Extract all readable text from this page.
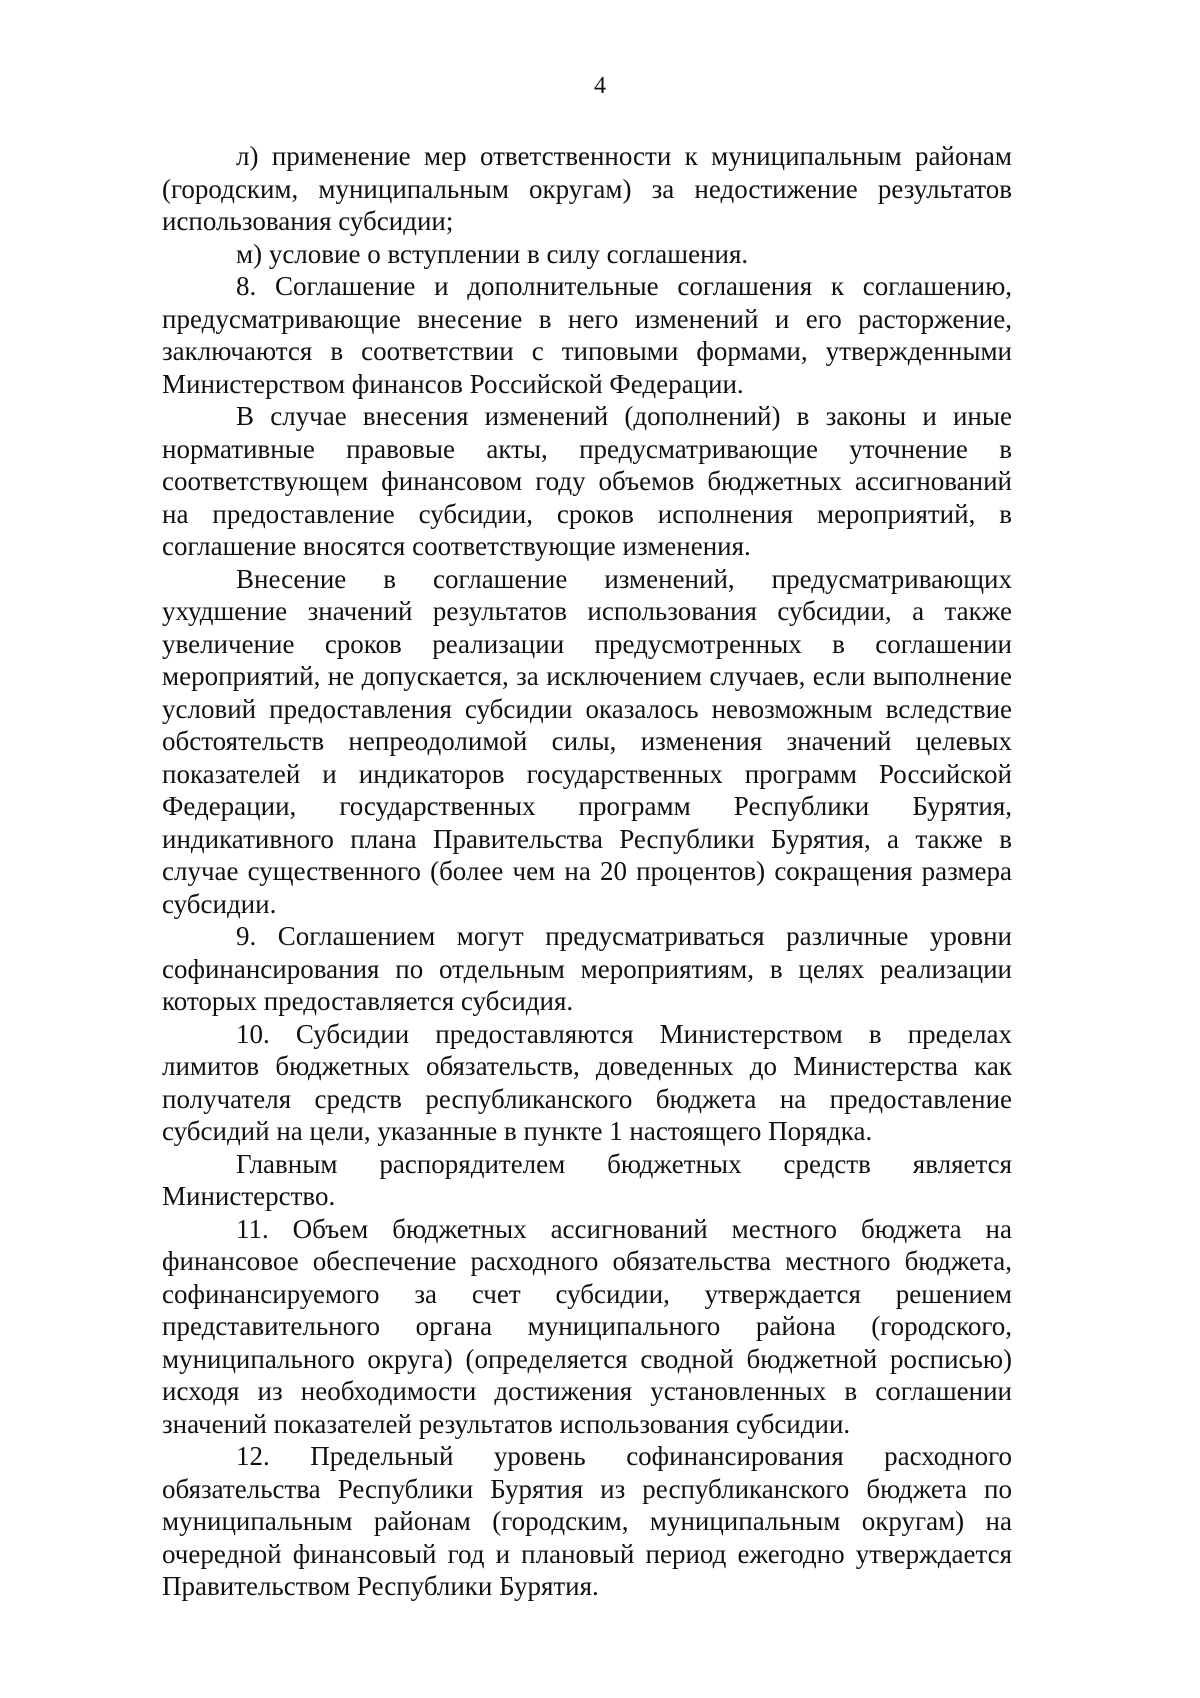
4

л) применение мер ответственности к муниципальным районам (городским, муниципальным округам) за недостижение результатов использования субсидии;

м) условие о вступлении в силу соглашения.

8. Соглашение и дополнительные соглашения к соглашению, предусматривающие внесение в него изменений и его расторжение, заключаются в соответствии с типовыми формами, утвержденными Министерством финансов Российской Федерации.

В случае внесения изменений (дополнений) в законы и иные нормативные правовые акты, предусматривающие уточнение в соответствующем финансовом году объемов бюджетных ассигнований на предоставление субсидии, сроков исполнения мероприятий, в соглашение вносятся соответствующие изменения.

Внесение в соглашение изменений, предусматривающих ухудшение значений результатов использования субсидии, а также увеличение сроков реализации предусмотренных в соглашении мероприятий, не допускается, за исключением случаев, если выполнение условий предоставления субсидии оказалось невозможным вследствие обстоятельств непреодолимой силы, изменения значений целевых показателей и индикаторов государственных программ Российской Федерации, государственных программ Республики Бурятия, индикативного плана Правительства Республики Бурятия, а также в случае существенного (более чем на 20 процентов) сокращения размера субсидии.

9. Соглашением могут предусматриваться различные уровни софинансирования по отдельным мероприятиям, в целях реализации которых предоставляется субсидия.

10. Субсидии предоставляются Министерством в пределах лимитов бюджетных обязательств, доведенных до Министерства как получателя средств республиканского бюджета на предоставление субсидий на цели, указанные в пункте 1 настоящего Порядка.

Главным распорядителем бюджетных средств является Министерство.

11. Объем бюджетных ассигнований местного бюджета на финансовое обеспечение расходного обязательства местного бюджета, софинансируемого за счет субсидии, утверждается решением представительного органа муниципального района (городского, муниципального округа) (определяется сводной бюджетной росписью) исходя из необходимости достижения установленных в соглашении значений показателей результатов использования субсидии.

12. Предельный уровень софинансирования расходного обязательства Республики Бурятия из республиканского бюджета по муниципальным районам (городским, муниципальным округам) на очередной финансовый год и плановый период ежегодно утверждается Правительством Республики Бурятия.
